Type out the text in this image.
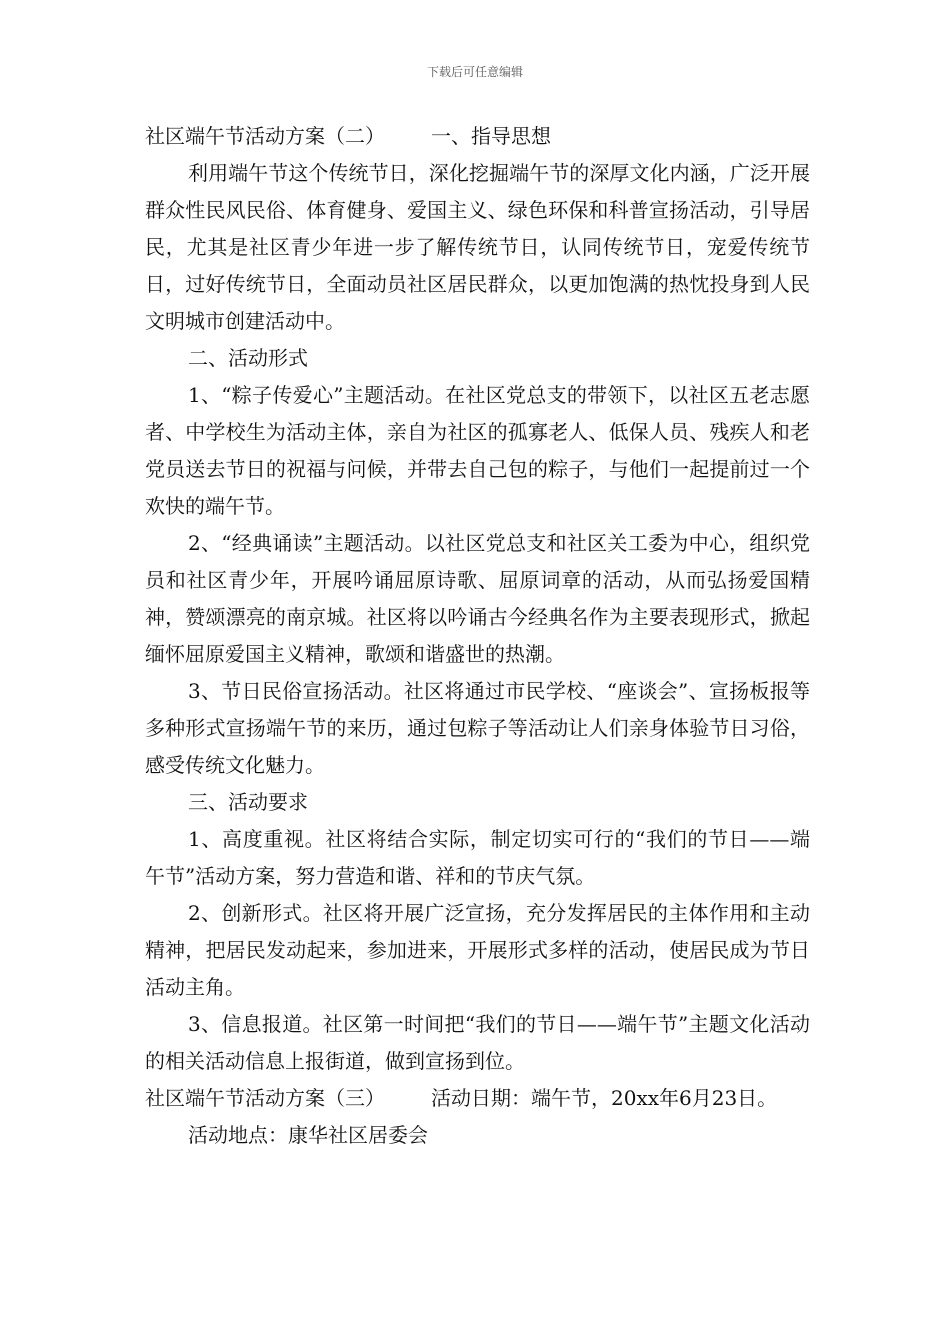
下载后可任意编辑

社区端午节活动方案（二） 一、指导思想

利用端午节这个传统节日，深化挖掘端午节的深厚文化内涵，广泛开展群众性民风民俗、体育健身、爱国主义、绿色环保和科普宣扬活动，引导居民，尤其是社区青少年进一步了解传统节日，认同传统节日，宠爱传统节日，过好传统节日，全面动员社区居民群众，以更加饱满的热忱投身到人民文明城市创建活动中。

二、活动形式

1、“粽子传爱心”主题活动。在社区党总支的带领下，以社区五老志愿者、中学校生为活动主体，亲自为社区的孤寡老人、低保人员、残疾人和老党员送去节日的祝福与问候，并带去自己包的粽子，与他们一起提前过一个欢快的端午节。

2、“经典诵读”主题活动。以社区党总支和社区关工委为中心，组织党员和社区青少年，开展吟诵屈原诗歌、屈原词章的活动，从而弘扬爱国精神，赞颂漂亮的南京城。社区将以吟诵古今经典名作为主要表现形式，掀起缅怀屈原爱国主义精神，歌颂和谐盛世的热潮。

3、节日民俗宣扬活动。社区将通过市民学校、“座谈会”、宣扬板报等多种形式宣扬端午节的来历，通过包粽子等活动让人们亲身体验节日习俗，感受传统文化魅力。

三、活动要求

1、高度重视。社区将结合实际，制定切实可行的“我们的节日——端午节”活动方案，努力营造和谐、祥和的节庆气氛。

2、创新形式。社区将开展广泛宣扬，充分发挥居民的主体作用和主动精神，把居民发动起来，参加进来，开展形式多样的活动，使居民成为节日活动主角。

3、信息报道。社区第一时间把“我们的节日——端午节”主题文化活动的相关活动信息上报街道，做到宣扬到位。

社区端午节活动方案（三） 活动日期：端午节，20xx年6月23日。

活动地点：康华社区居委会
